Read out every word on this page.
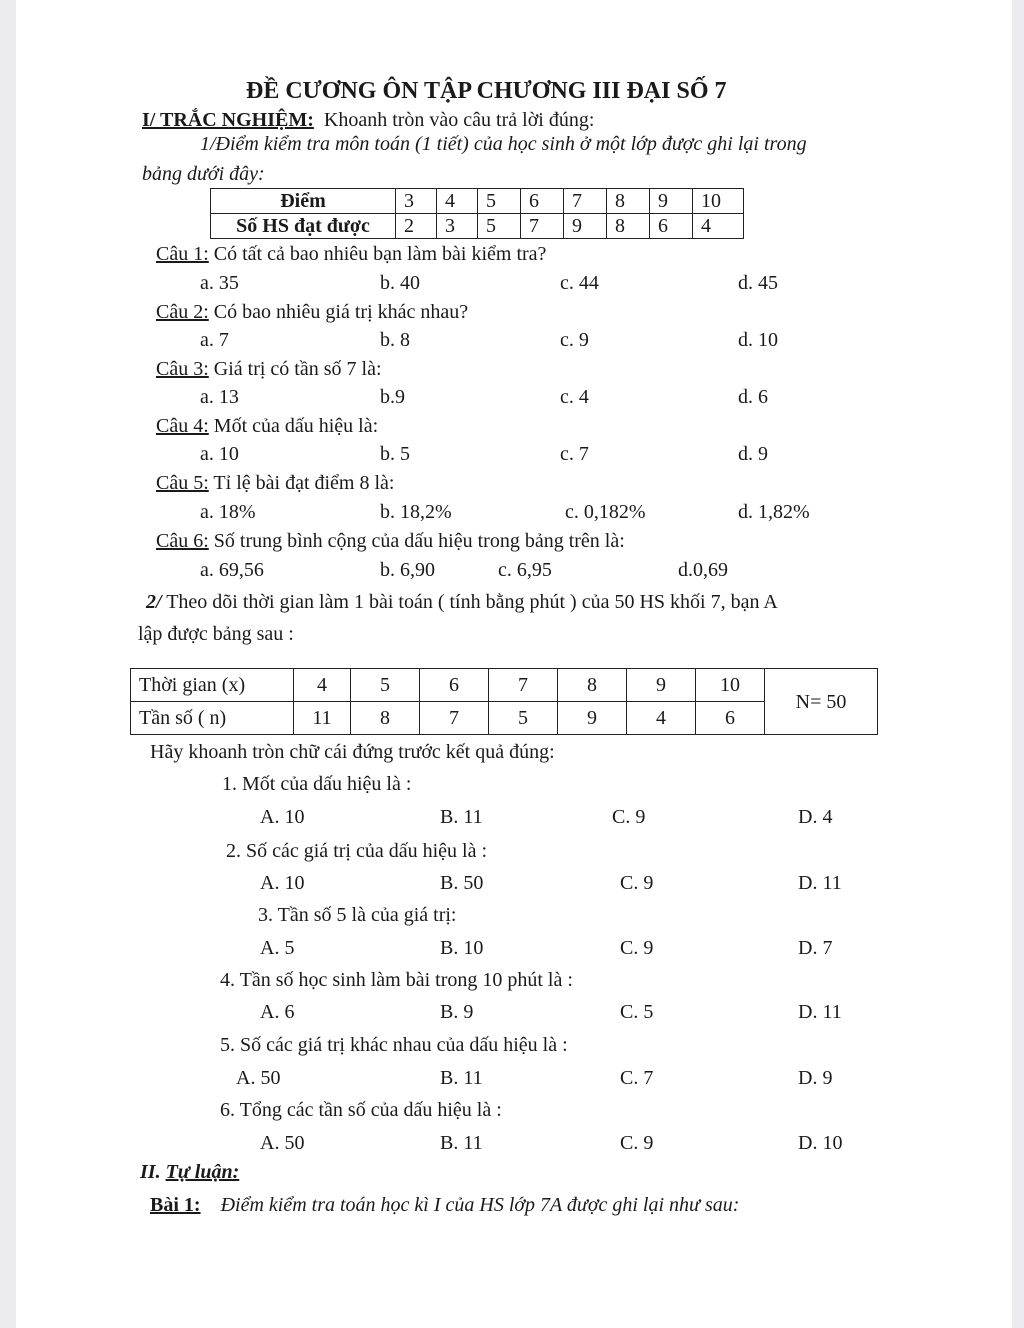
ĐỀ CƯƠNG ÔN TẬP CHƯƠNG III ĐẠI SỐ 7
I/ TRẮC NGHIỆM: Khoanh tròn vào câu trả lời đúng:
1/Điểm kiểm tra môn toán (1 tiết) của học sinh ở một lớp được ghi lại trong
bảng dưới đây:
Điểm	3	4	5	6	7	8	9	10
Số HS đạt được	2	3	5	7	9	8	6	4
Câu 1: Có tất cả bao nhiêu bạn làm bài kiểm tra?
a. 35	b. 40	c. 44	d. 45
Câu 2: Có bao nhiêu giá trị khác nhau?
a. 7	b. 8	c. 9	d. 10
Câu 3: Giá trị có tần số 7 là:
a. 13	b.9	c. 4	d. 6
Câu 4: Mốt của dấu hiệu là:
a. 10	b. 5	c. 7	d. 9
Câu 5: Tỉ lệ bài đạt điểm 8 là:
a. 18%	b. 18,2%	c. 0,182%	d. 1,82%
Câu 6: Số trung bình cộng của dấu hiệu trong bảng trên là:
a. 69,56	b. 6,90	c. 6,95	d.0,69
2/ Theo dõi thời gian làm 1 bài toán ( tính bằng phút ) của 50 HS khối 7, bạn A
lập được bảng sau :
Thời gian (x)	4	5	6	7	8	9	10	N= 50
Tần số ( n)	11	8	7	5	9	4	6	
Hãy khoanh tròn chữ cái đứng trước kết quả đúng:
1. Mốt của dấu hiệu là :
A. 10	B. 11	C. 9	D. 4
2. Số các giá trị của dấu hiệu là :
A. 10	B. 50	C. 9	D. 11
3. Tần số 5 là của giá trị:
A. 5	B. 10	C. 9	D. 7
4. Tần số học sinh làm bài trong 10 phút là :
A. 6	B. 9	C. 5	D. 11
5. Số các giá trị khác nhau của dấu hiệu là :
A. 50	B. 11	C. 7	D. 9
6. Tổng các tần số của dấu hiệu là :
A. 50	B. 11	C. 9	D. 10
II. Tự luận:
Bài 1: Điểm kiểm tra toán học kì I của HS lớp 7A được ghi lại như sau:
